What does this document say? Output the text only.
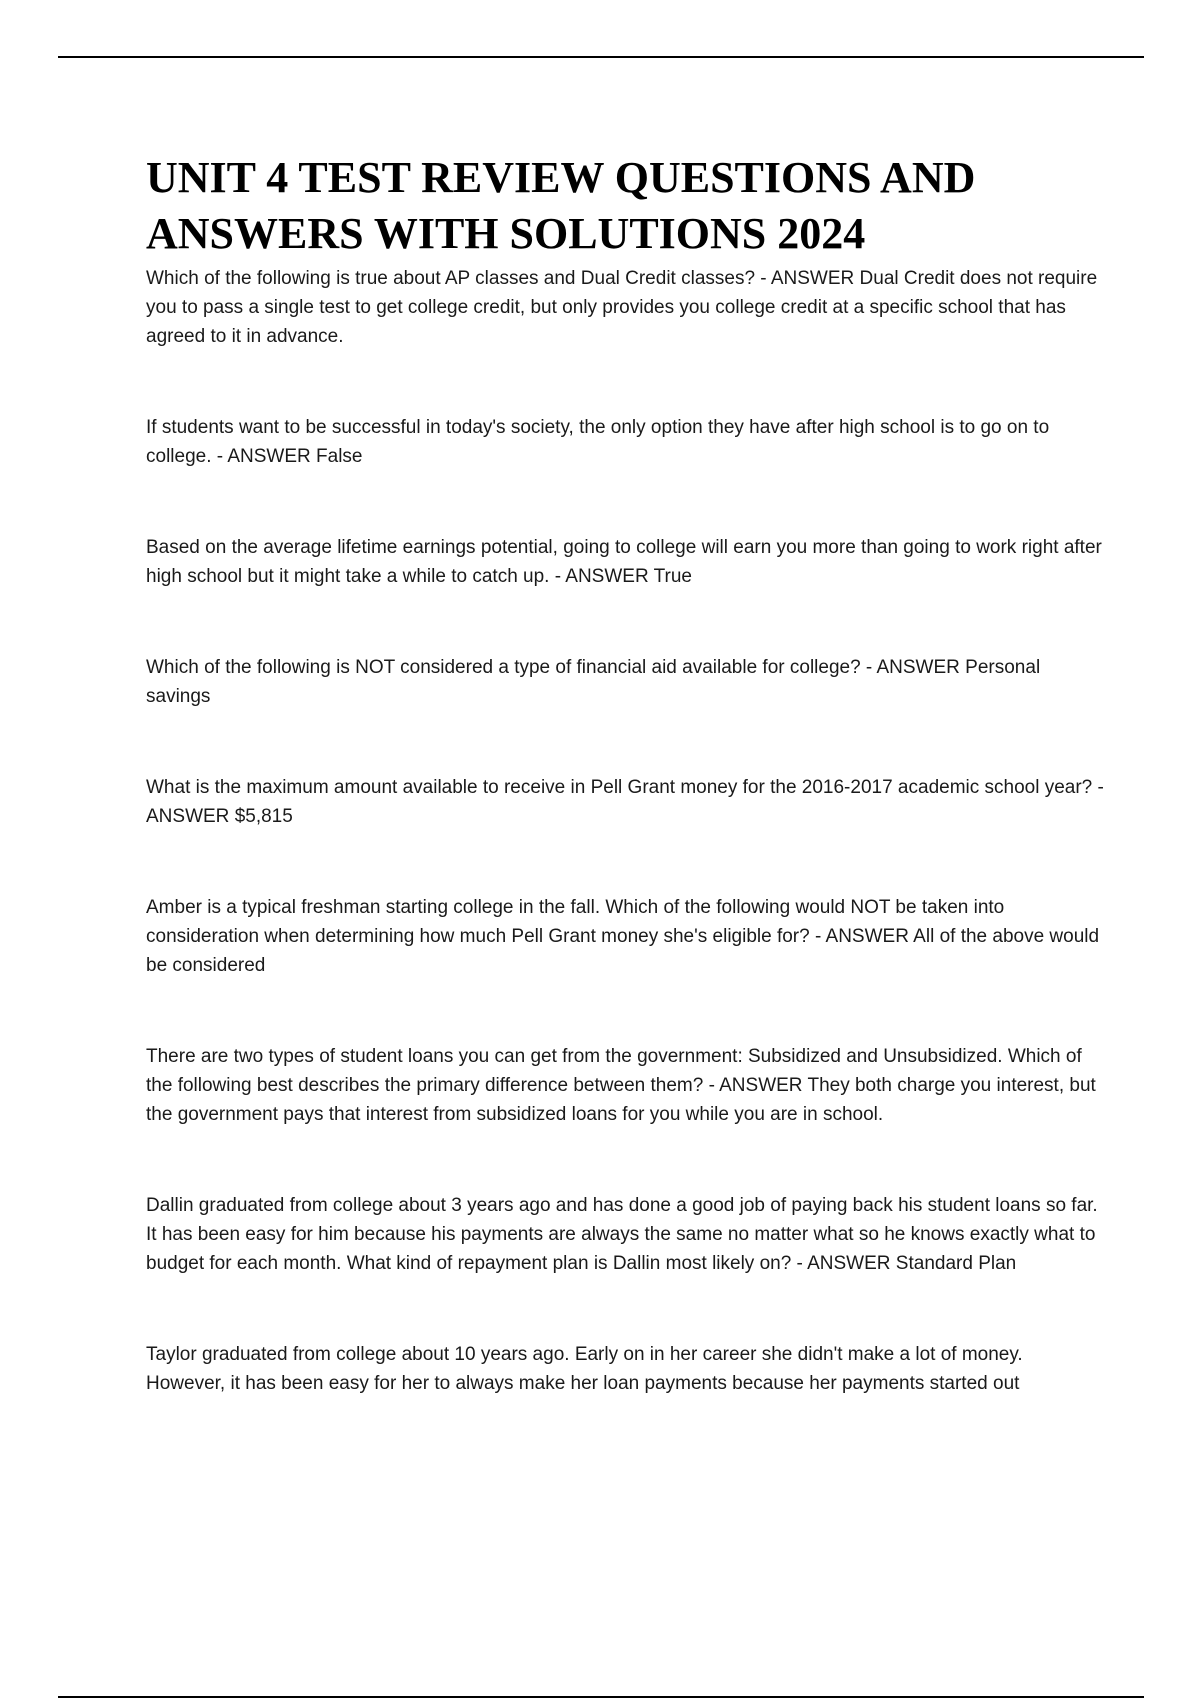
UNIT 4 TEST REVIEW QUESTIONS AND ANSWERS WITH SOLUTIONS 2024
Which of the following is true about AP classes and Dual Credit classes? - ANSWER Dual Credit does not require you to pass a single test to get college credit, but only provides you college credit at a specific school that has agreed to it in advance.
If students want to be successful in today's society, the only option they have after high school is to go on to college. - ANSWER False
Based on the average lifetime earnings potential, going to college will earn you more than going to work right after high school but it might take a while to catch up. - ANSWER True
Which of the following is NOT considered a type of financial aid available for college? - ANSWER Personal savings
What is the maximum amount available to receive in Pell Grant money for the 2016-2017 academic school year? - ANSWER $5,815
Amber is a typical freshman starting college in the fall. Which of the following would NOT be taken into consideration when determining how much Pell Grant money she's eligible for? - ANSWER All of the above would be considered
There are two types of student loans you can get from the government: Subsidized and Unsubsidized. Which of the following best describes the primary difference between them? - ANSWER They both charge you interest, but the government pays that interest from subsidized loans for you while you are in school.
Dallin graduated from college about 3 years ago and has done a good job of paying back his student loans so far. It has been easy for him because his payments are always the same no matter what so he knows exactly what to budget for each month. What kind of repayment plan is Dallin most likely on? - ANSWER Standard Plan
Taylor graduated from college about 10 years ago. Early on in her career she didn't make a lot of money. However, it has been easy for her to always make her loan payments because her payments started out
